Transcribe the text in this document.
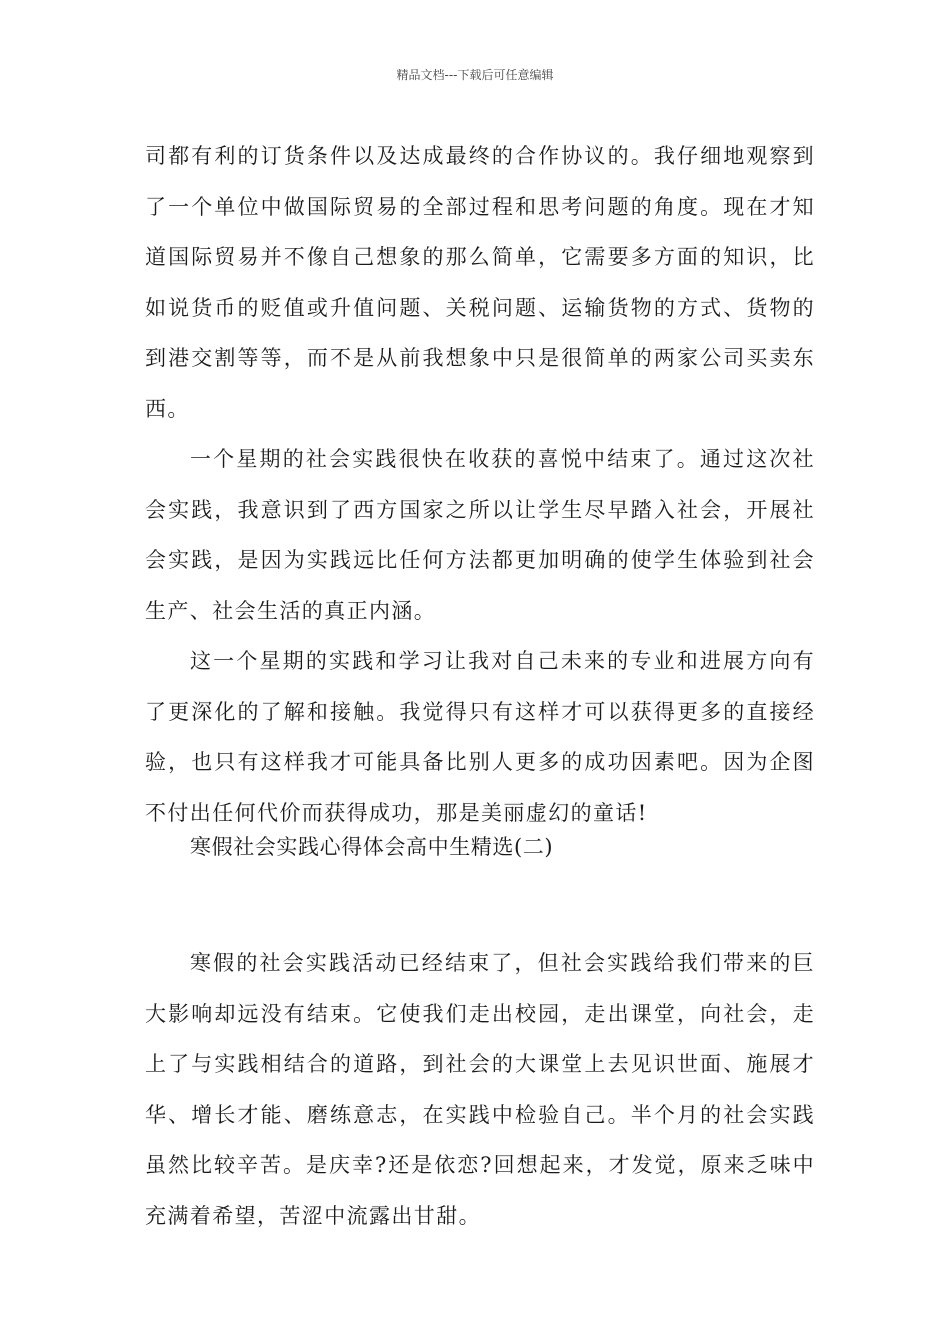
精品文档---下载后可任意编辑

司都有利的订货条件以及达成最终的合作协议的。我仔细地观察到了一个单位中做国际贸易的全部过程和思考问题的角度。现在才知道国际贸易并不像自己想象的那么简单，它需要多方面的知识，比如说货币的贬值或升值问题、关税问题、运输货物的方式、货物的到港交割等等，而不是从前我想象中只是很简单的两家公司买卖东西。

一个星期的社会实践很快在收获的喜悦中结束了。通过这次社会实践，我意识到了西方国家之所以让学生尽早踏入社会，开展社会实践，是因为实践远比任何方法都更加明确的使学生体验到社会生产、社会生活的真正内涵。

这一个星期的实践和学习让我对自己未来的专业和进展方向有了更深化的了解和接触。我觉得只有这样才可以获得更多的直接经验，也只有这样我才可能具备比别人更多的成功因素吧。因为企图不付出任何代价而获得成功，那是美丽虚幻的童话!

寒假社会实践心得体会高中生精选(二)

寒假的社会实践活动已经结束了，但社会实践给我们带来的巨大影响却远没有结束。它使我们走出校园，走出课堂，向社会，走上了与实践相结合的道路，到社会的大课堂上去见识世面、施展才华、增长才能、磨练意志，在实践中检验自己。半个月的社会实践虽然比较辛苦。是庆幸?还是依恋?回想起来，才发觉，原来乏味中充满着希望，苦涩中流露出甘甜。
